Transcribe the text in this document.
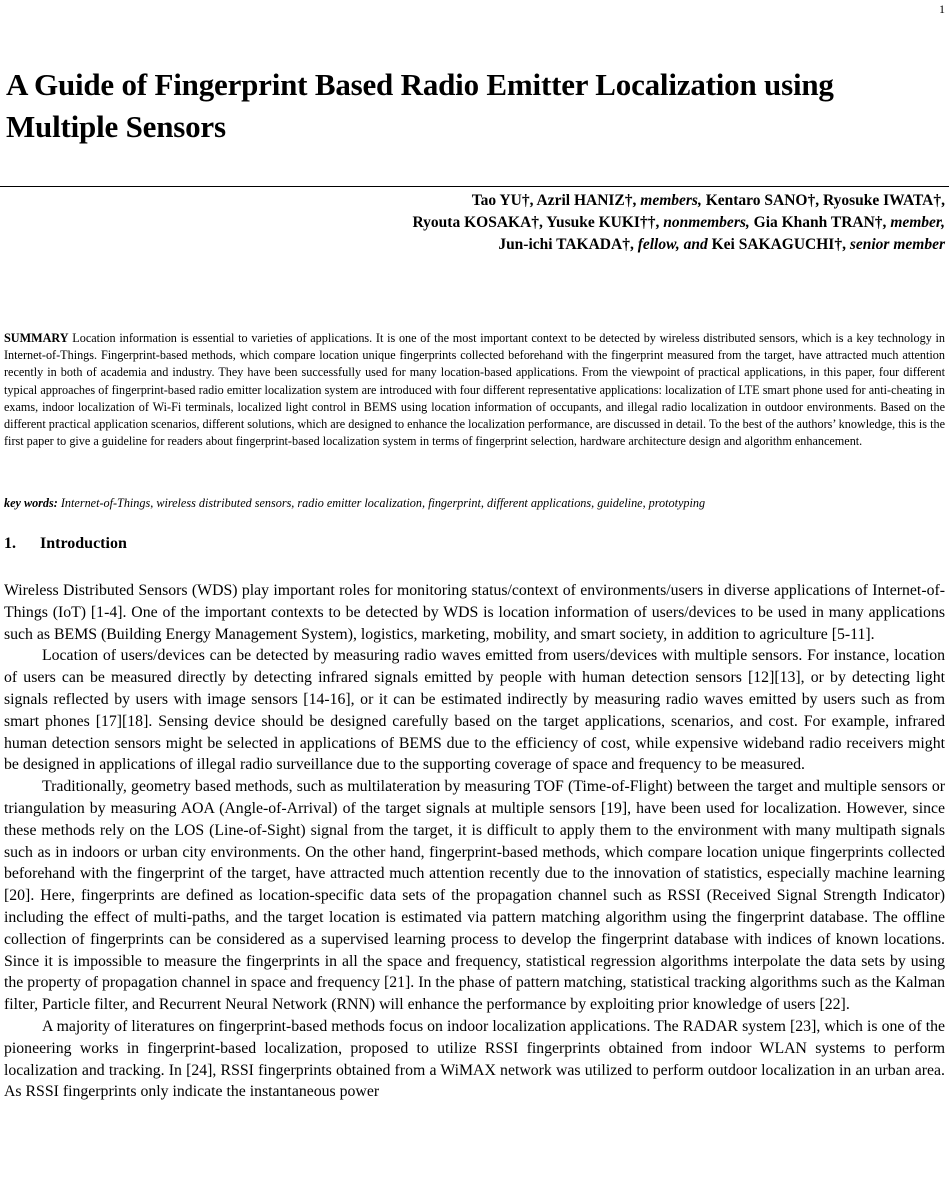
1
A Guide of Fingerprint Based Radio Emitter Localization using Multiple Sensors
Tao YU†, Azril HANIZ†, members, Kentaro SANO†, Ryosuke IWATA†,
Ryouta KOSAKA†, Yusuke KUKI††, nonmembers, Gia Khanh TRAN†, member,
Jun-ichi TAKADA†, fellow, and Kei SAKAGUCHI†, senior member
SUMMARY Location information is essential to varieties of applications. It is one of the most important context to be detected by wireless distributed sensors, which is a key technology in Internet-of-Things. Fingerprint-based methods, which compare location unique fingerprints collected beforehand with the fingerprint measured from the target, have attracted much attention recently in both of academia and industry. They have been successfully used for many location-based applications. From the viewpoint of practical applications, in this paper, four different typical approaches of fingerprint-based radio emitter localization system are introduced with four different representative applications: localization of LTE smart phone used for anti-cheating in exams, indoor localization of Wi-Fi terminals, localized light control in BEMS using location information of occupants, and illegal radio localization in outdoor environments. Based on the different practical application scenarios, different solutions, which are designed to enhance the localization performance, are discussed in detail. To the best of the authors’ knowledge, this is the first paper to give a guideline for readers about fingerprint-based localization system in terms of fingerprint selection, hardware architecture design and algorithm enhancement.
key words: Internet-of-Things, wireless distributed sensors, radio emitter localization, fingerprint, different applications, guideline, prototyping
1. Introduction

Wireless Distributed Sensors (WDS) play important roles for monitoring status/context of environments/users in diverse applications of Internet-of-Things (IoT) [1-4]. One of the important contexts to be detected by WDS is location information of users/devices to be used in many applications such as BEMS (Building Energy Management System), logistics, marketing, mobility, and smart society, in addition to agriculture [5-11].

Location of users/devices can be detected by measuring radio waves emitted from users/devices with multiple sensors. For instance, location of users can be measured directly by detecting infrared signals emitted by people with human detection sensors [12][13], or by detecting light signals reflected by users with image sensors [14-16], or it can be estimated indirectly by measuring radio waves emitted by users such as from smart phones [17][18]. Sensing device should be designed carefully based on the target applications, scenarios, and cost. For example, infrared human detection sensors might be selected in applications of BEMS due to the efficiency of cost, while expensive wideband radio receivers might be designed in applications of illegal radio surveillance due to the supporting coverage of space and frequency to be measured.

Traditionally, geometry based methods, such as multilateration by measuring TOF (Time-of-Flight) between the target and multiple sensors or triangulation by measuring AOA (Angle-of-Arrival) of the target signals at multiple sensors [19], have been used for localization. However, since these methods rely on the LOS (Line-of-Sight) signal from the target, it is difficult to apply them to the environment with many multipath signals such as in indoors or urban city environments. On the other hand, fingerprint-based methods, which compare location unique fingerprints collected beforehand with the fingerprint of the target, have attracted much attention recently due to the innovation of statistics, especially machine learning [20]. Here, fingerprints are defined as location-specific data sets of the propagation channel such as RSSI (Received Signal Strength Indicator) including the effect of multi-paths, and the target location is estimated via pattern matching algorithm using the fingerprint database. The offline collection of fingerprints can be considered as a supervised learning process to develop the fingerprint database with indices of known locations. Since it is impossible to measure the fingerprints in all the space and frequency, statistical regression algorithms interpolate the data sets by using the property of propagation channel in space and frequency [21]. In the phase of pattern matching, statistical tracking algorithms such as the Kalman filter, Particle filter, and Recurrent Neural Network (RNN) will enhance the performance by exploiting prior knowledge of users [22].

A majority of literatures on fingerprint-based methods focus on indoor localization applications. The RADAR system [23], which is one of the pioneering works in fingerprint-based localization, proposed to utilize RSSI fingerprints obtained from indoor WLAN systems to perform localization and tracking. In [24], RSSI fingerprints obtained from a WiMAX network was utilized to perform outdoor localization in an urban area. As RSSI fingerprints only indicate the instantaneous power
